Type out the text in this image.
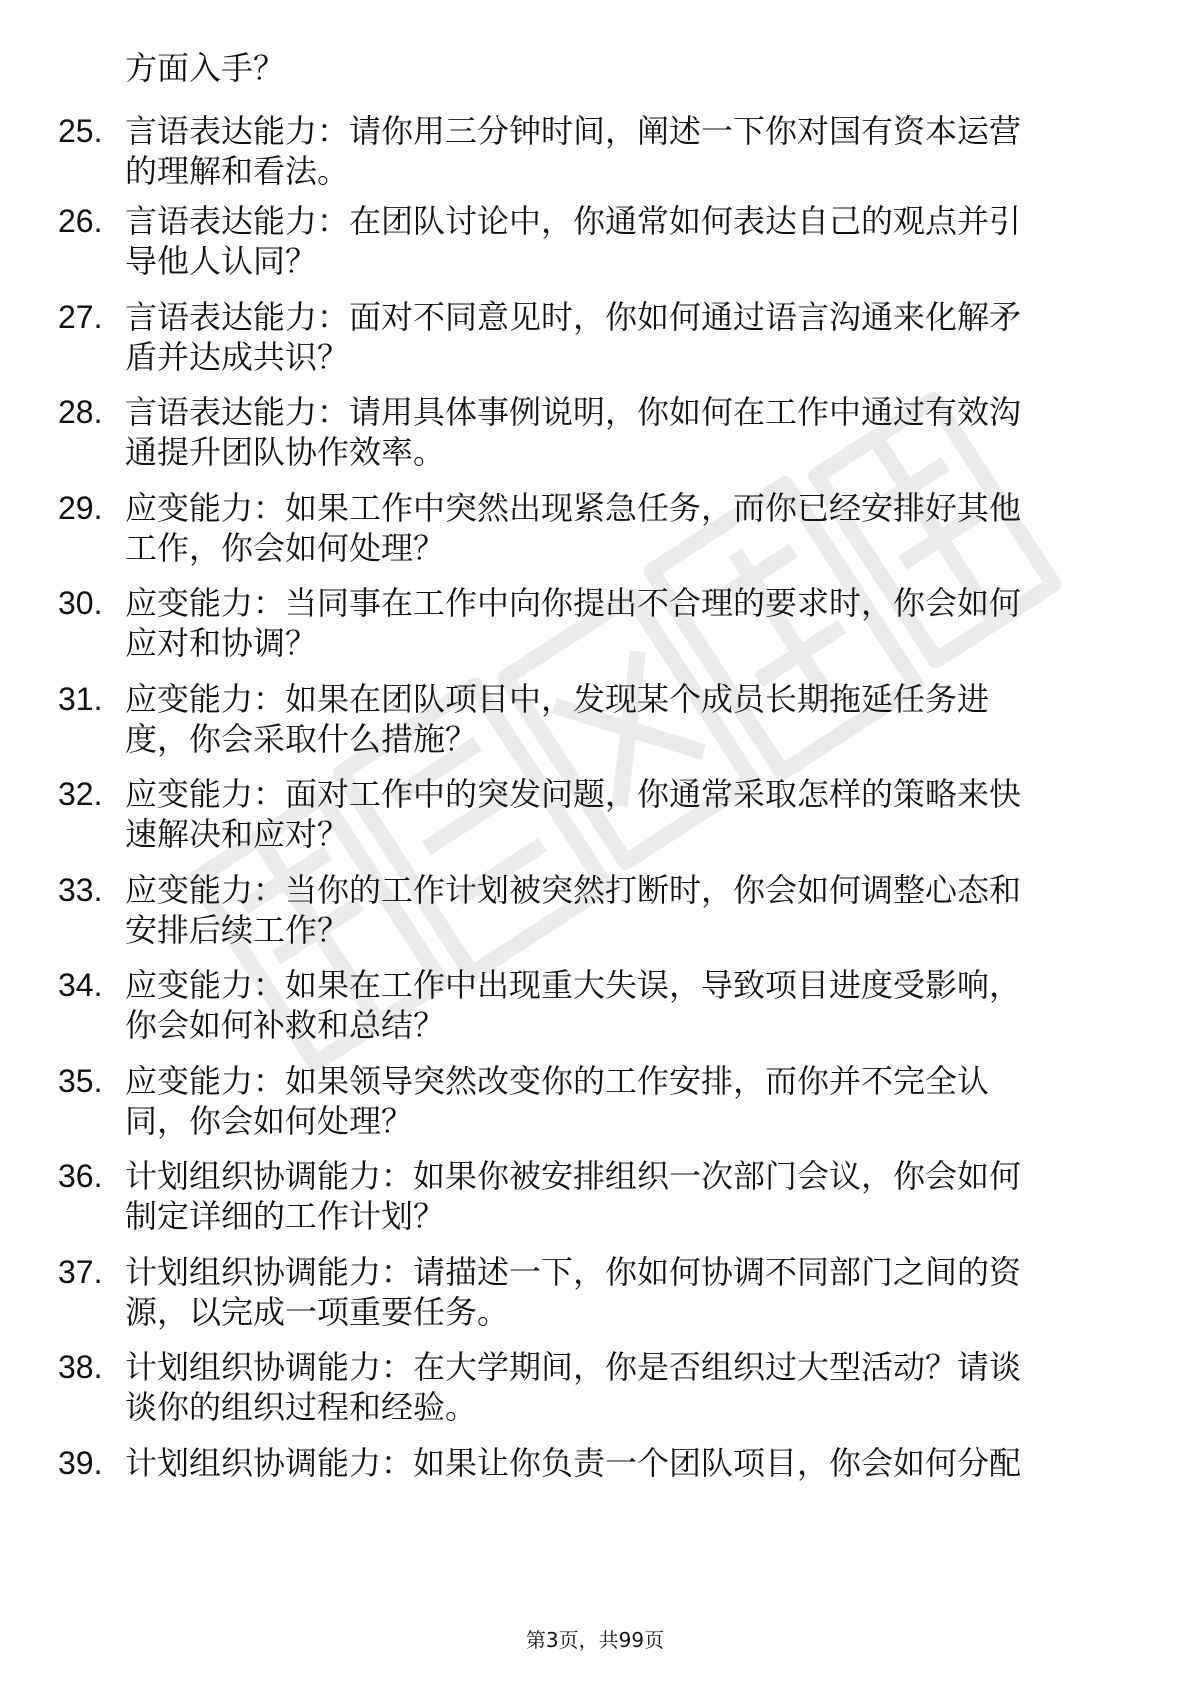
方面入手？
25. 言语表达能力：请你用三分钟时间，阐述一下你对国有资本运营
的理解和看法。
26. 言语表达能力：在团队讨论中，你通常如何表达自己的观点并引
导他人认同？
27. 言语表达能力：面对不同意见时，你如何通过语言沟通来化解矛
盾并达成共识？
28. 言语表达能力：请用具体事例说明，你如何在工作中通过有效沟
通提升团队协作效率。
29. 应变能力：如果工作中突然出现紧急任务，而你已经安排好其他
工作，你会如何处理？
30. 应变能力：当同事在工作中向你提出不合理的要求时，你会如何
应对和协调？
31. 应变能力：如果在团队项目中，发现某个成员长期拖延任务进
度，你会采取什么措施？
32. 应变能力：面对工作中的突发问题，你通常采取怎样的策略来快
速解决和应对？
33. 应变能力：当你的工作计划被突然打断时，你会如何调整心态和
安排后续工作？
34. 应变能力：如果在工作中出现重大失误，导致项目进度受影响，
你会如何补救和总结？
35. 应变能力：如果领导突然改变你的工作安排，而你并不完全认
同，你会如何处理？
36. 计划组织协调能力：如果你被安排组织一次部门会议，你会如何
制定详细的工作计划？
37. 计划组织协调能力：请描述一下，你如何协调不同部门之间的资
源，以完成一项重要任务。
38. 计划组织协调能力：在大学期间，你是否组织过大型活动？请谈
谈你的组织过程和经验。
39. 计划组织协调能力：如果让你负责一个团队项目，你会如何分配
第3页，共99页
